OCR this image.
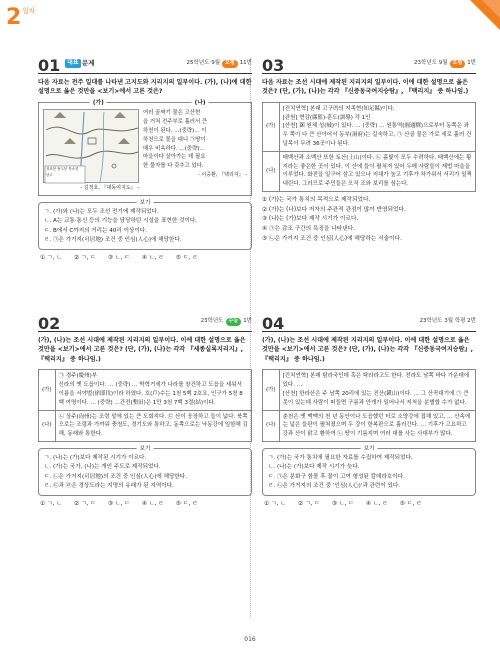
2 일차
01	대표 문제	25학년도 9월	모평 11번
다음 자료는 전주 일대를 나타낸 고지도와 지리지의 일부이다. (가), (나)에 대한 설명으로 옳은 것만을 <보기>에서 고른 것은?
(가)	(나)
저표봉 용두봉 북소천
남고
- 김정호, 『대동여지도』 -
여러 골짜기 물은 고산현
을 거쳐 전주부로 흘러서 큰
하천이 된다. …(중략)… 이
하천으로 물을 대니 ㉠땅이
매우 비옥하다. …(중략)…
마을이다 살아가는 데 필요
한 물자를 다 갖추고 있다.
- 이중환, 『택리지』 -
보기
ㄱ. (가)와 (나)는 모두 조선 전기에 제작되었다.
ㄴ. A는 교통·통신 등의 기능을 담당하던 시설을 표현한 것이다.
ㄷ. B에서 C까지의 거리는 40리 이상이다.
ㄹ. ㉠은 가거지(可居地) 조건 중 인심(人心)에 해당한다.
① ㄱ, ㄴ ② ㄱ, ㄷ ③ ㄴ, ㄷ ④ ㄴ, ㄹ ⑤ ㄷ, ㄹ
02	23학년도	수능 1번
(가), (나)는 조선 시대에 제작된 지리지의 일부이다. 이에 대한 설명으로 옳은 것만을 <보기>에서 고른 것은? (단, (가), (나)는 각각 『세종실록지리지』, 『택리지』 중 하나임.)
(가)	㉠ 경주(慶州)부
신라의 옛 도읍이다. … (중략) … 박혁거세가 나라를 창건하고 도읍을 세워서 이름을 서야벌(徐耶伐)이라 하였다. 호(戶)수는 1천 5백 2호요, 인구가 5천 8백 여명이다. … (중략) …간전(墾田)은 1만 3천 7백 3결(結)이다.
(나)	㉡ 상주(尙州)는 조령 밑에 있는 큰 도회지다. ㉢ 산이 웅장하고 들이 넓다. 북쪽으로는 조령과 가까워 충청도, 경기도와 통하고, 동쪽으로는 낙동강에 임함해 김해, 동래와 통한다.
보기
ㄱ. (나)는 (가)보다 제작된 시기가 이르다.
ㄴ. (가)는 국가, (나)는 개인 주도로 제작되었다.
ㄷ. ㉡은 가거지(可居地)의 조건 중 인심(人心)에 해당한다.
ㄹ. ㉢과 ㉣은 경상도라는 지명의 유래가 된 지역이다.
① ㄱ, ㄴ ② ㄱ, ㄷ ③ ㄴ, ㄷ ④ ㄴ, ㄹ ⑤ ㄷ, ㄹ
03	23학년도 9월	모평 1번
다음 자료는 조선 시대에 제작된 지리지의 일부이다. 이에 대한 설명으로 옳은 것은? (단, (가), (나)는 각각 『신증동국여지승람』, 『택리지』 중 하나임.)
(가)	[건치연혁] 본래 고구려의 지족현(知足縣)이다.
[관원] 현감(縣監)·훈도(訓導) 각 1인
[산천] 㶊 원체 성(城)이 있다. … (중략) … 원통역(圓通驛)으로부터 동쪽은 좌우 쪽이 다 큰 산이어서 동부(洞府)는 길숙하고, ㉠ 산골 물은 가로 세로 흘러 건널목이 무려 36곳이나 된다.
(나)	태백산과 소백산 또한 토산(土山)이다. ㉡ 흙빛이 모두 수려하다. 태백산에는 황지라는 좋은한 곳이 있다. 이 산에 들이 펼쳐져 있어 두메 사람들이 제법 마을을 이루었다. 화전을 일구어 삼고 있으나 지대가 높고 기후가 차가워서 서리가 일찍 내린다. 그러므로 주민들은 오직 조와 보리를 심는다.
① (가)는 국가 통치의 목적으로 제작되었다.
② (가)는 (나)보다 저자의 주관적 관점이 많이 반영되었다.
③ (나)는 (가)보다 제작 시기가 이르다.
④ ㉠은 감조 구간의 특징을 나타낸다.
⑤ ㉡은 가거지 조건 중 인심(人心)에 해당하는 서술이다.
04	23학년도 3월 학평 2번
(가), (나)는 조선 시대에 제작된 지리지의 일부이다. 이에 대한 설명으로 옳은 것만을 <보기>에서 고른 것은? (단, (가), (나)는 각각 『신증동국여지승람』, 『택리지』 중 하나임.)
(가)	[건치연혁] 본래 탐라국인데 혹은 탁라라고도 한다. 전라도 남쪽 바다 가운데에 있다. …
[산천] 한라산은 주 남쪽 20리에 있는 진산(鎭山)이다. … 그 산꼭대기에 ㉠ 큰 못이 있는데 사람이 떠들면 구름과 안개가 일어나서 지척을 분별할 수가 없다.
(나)	춘천은 옛 맥맥의 천 년 동안이나 도읍했던 터로 소양강에 접해 있고, … 산속에는 넓은 들판이 펼쳐졌으며 두 강이 한복판으로 흘러간다. … 기후가 고요하고 강과 산이 맑고 환하여 ㉡ 땅이 기름지며 여러 대를 사는 사대부가 많다.
보기
ㄱ. (가)는 국가 통치에 필요한 자료를 수집하여 제작되었다.
ㄴ. (나)는 (가)보다 제작 시기가 늦다.
ㄷ. ㉠은 분화구 함몰 후 물이 고여 형성된 칼데라호이다.
ㄹ. ㉡은 가거지의 조건 중 '인심(人心)'과 관련이 있다.
① ㄱ, ㄴ ② ㄱ, ㄷ ③ ㄴ, ㄷ ④ ㄴ, ㄹ ⑤ ㄷ, ㄹ
016
